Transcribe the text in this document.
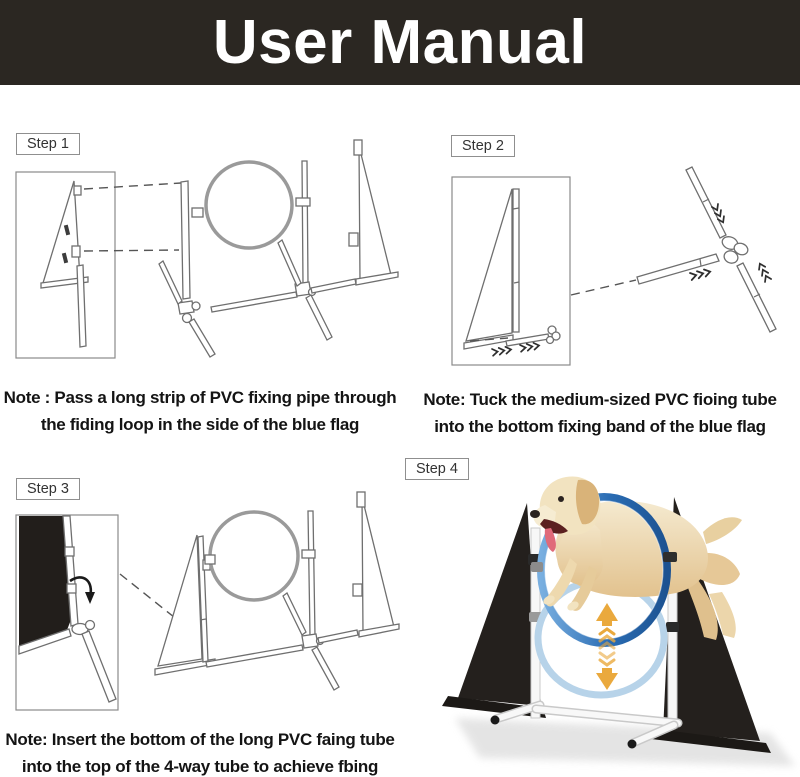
User Manual
Step 1	Step 2
Step 3
Step 4

Note : Pass a long strip of PVC fixing pipe through
the fiding loop in the side of the blue flag

Note: Tuck the medium-sized PVC fioing tube
into the bottom fixing band of the blue flag

Note: Insert the bottom of the long PVC faing tube
into the top of the 4-way tube to achieve fbing
